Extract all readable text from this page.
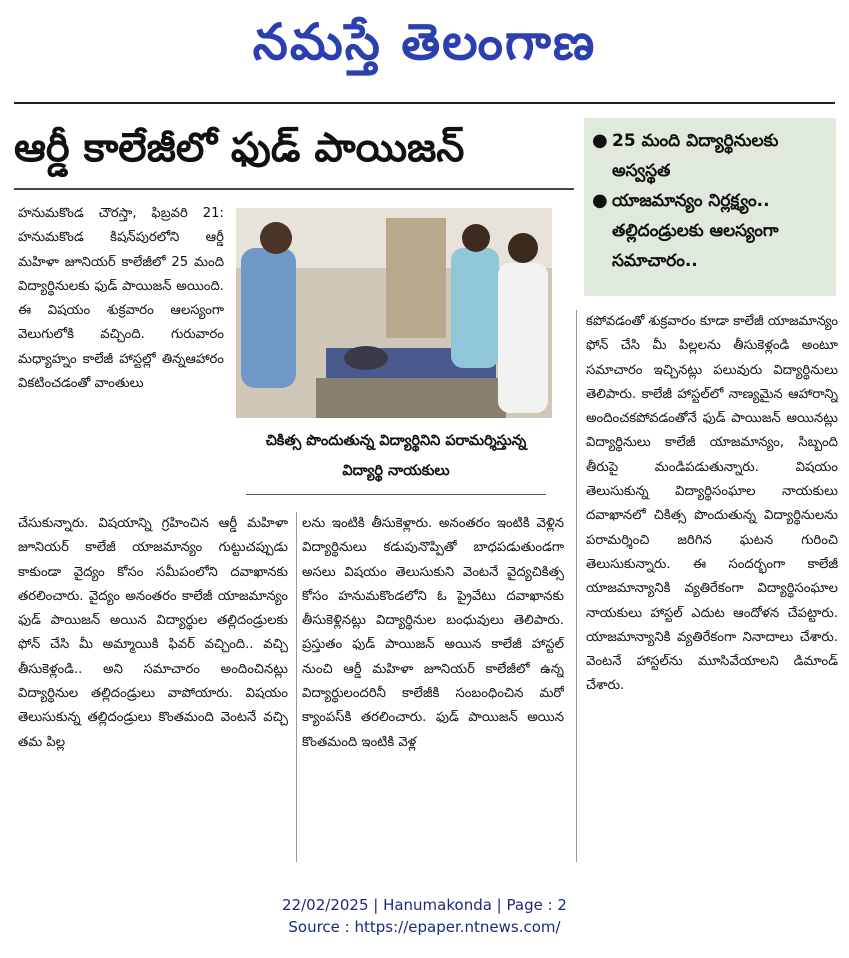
నమస్తే తెలంగాణ
ఆర్డీ కాలేజీలో ఫుడ్ పాయిజన్	● 25 మంది విద్యార్థినులకు అస్వస్థత
● యాజమాన్యం నిర్లక్ష్యం.. తల్లిదండ్రులకు ఆలస్యంగా సమాచారం..

హనుమకొండ చౌరస్తా, ఫిబ్రవరి 21: హనుమకొండ కిషన్‌పురలోని ఆర్డీ మహిళా జూనియర్ కాలేజీలో 25 మంది విద్యార్థినులకు ఫుడ్ పాయిజన్ అయింది. ఈ విషయం శుక్రవారం ఆలస్యంగా వెలుగులోకి వచ్చింది. గురువారం మధ్యాహ్నం కాలేజీ హాస్టల్లో తిన్నఆహారం వికటించడంతో వాంతులు

చికిత్స పొందుతున్న విద్యార్థినిని పరామర్శిస్తున్న విద్యార్థి నాయకులు

చేసుకున్నారు. విషయాన్ని గ్రహించిన ఆర్డీ మహిళా జూనియర్ కాలేజీ యాజమాన్యం గుట్టుచప్పుడు కాకుండా వైద్యం కోసం సమీపంలోని దవాఖానకు తరలించారు. వైద్యం అనంతరం కాలేజీ యాజమాన్యం ఫుడ్ పాయిజన్ అయిన విద్యార్థుల తల్లిదండ్రులకు ఫోన్ చేసి మీ అమ్మాయికి ఫివర్ వచ్చింది.. వచ్చి తీసుకెళ్లండి.. అని సమాచారం అందించినట్లు విద్యార్థినుల తల్లిదండ్రులు వాపోయారు. విషయం తెలుసుకున్న తల్లిదండ్రులు కొంతమంది వెంటనే వచ్చి తమ పిల్ల

లను ఇంటికి తీసుకెళ్లారు. అనంతరం ఇంటికి వెళ్లిన విద్యార్థినులు కడుపునొప్పితో బాధపడుతుండగా అసలు విషయం తెలుసుకుని వెంటనే వైద్యచికిత్స కోసం హనుమకొండలోని ఓ ప్రైవేటు దవాఖానకు తీసుకెళ్లినట్లు విద్యార్థినుల బంధువులు తెలిపారు. ప్రస్తుతం ఫుడ్ పాయిజన్ అయిన కాలేజీ హాస్టల్ నుంచి ఆర్డీ మహిళా జూనియర్ కాలేజీలో ఉన్న విద్యార్థులందరినీ కాలేజీకి సంబంధించిన మరో క్యాంపస్‌కి తరలించారు. ఫుడ్ పాయిజన్ అయిన కొంతమంది ఇంటికి వెళ్ల

కపోవడంతో శుక్రవారం కూడా కాలేజీ యాజమాన్యం ఫోన్ చేసి మీ పిల్లలను తీసుకెళ్లండి అంటూ సమాచారం ఇచ్చినట్లు పలువురు విద్యార్థినులు తెలిపారు. కాలేజీ హాస్టల్‌లో నాణ్యమైన ఆహారాన్ని అందించకపోవడంతోనే ఫుడ్ పాయిజన్ అయినట్లు విద్యార్థినులు కాలేజీ యాజమాన్యం, సిబ్బంది తీరుపై మండిపడుతున్నారు. విషయం తెలుసుకున్న విద్యార్థిసంఘాల నాయకులు దవాఖానలో చికిత్స పొందుతున్న విద్యార్థినులను పరామర్శించి జరిగిన ఘటన గురించి తెలుసుకున్నారు. ఈ సందర్భంగా కాలేజీ యాజమాన్యానికి వ్యతిరేకంగా విద్యార్థిసంఘాల నాయకులు హాస్టల్ ఎదుట ఆందోళన చేపట్టారు. యాజమాన్యానికి వ్యతిరేకంగా నినాదాలు చేశారు. వెంటనే హాస్టల్‌ను మూసివేయాలని డిమాండ్ చేశారు.

22/02/2025 | Hanumakonda | Page : 2
Source : https://epaper.ntnews.com/
